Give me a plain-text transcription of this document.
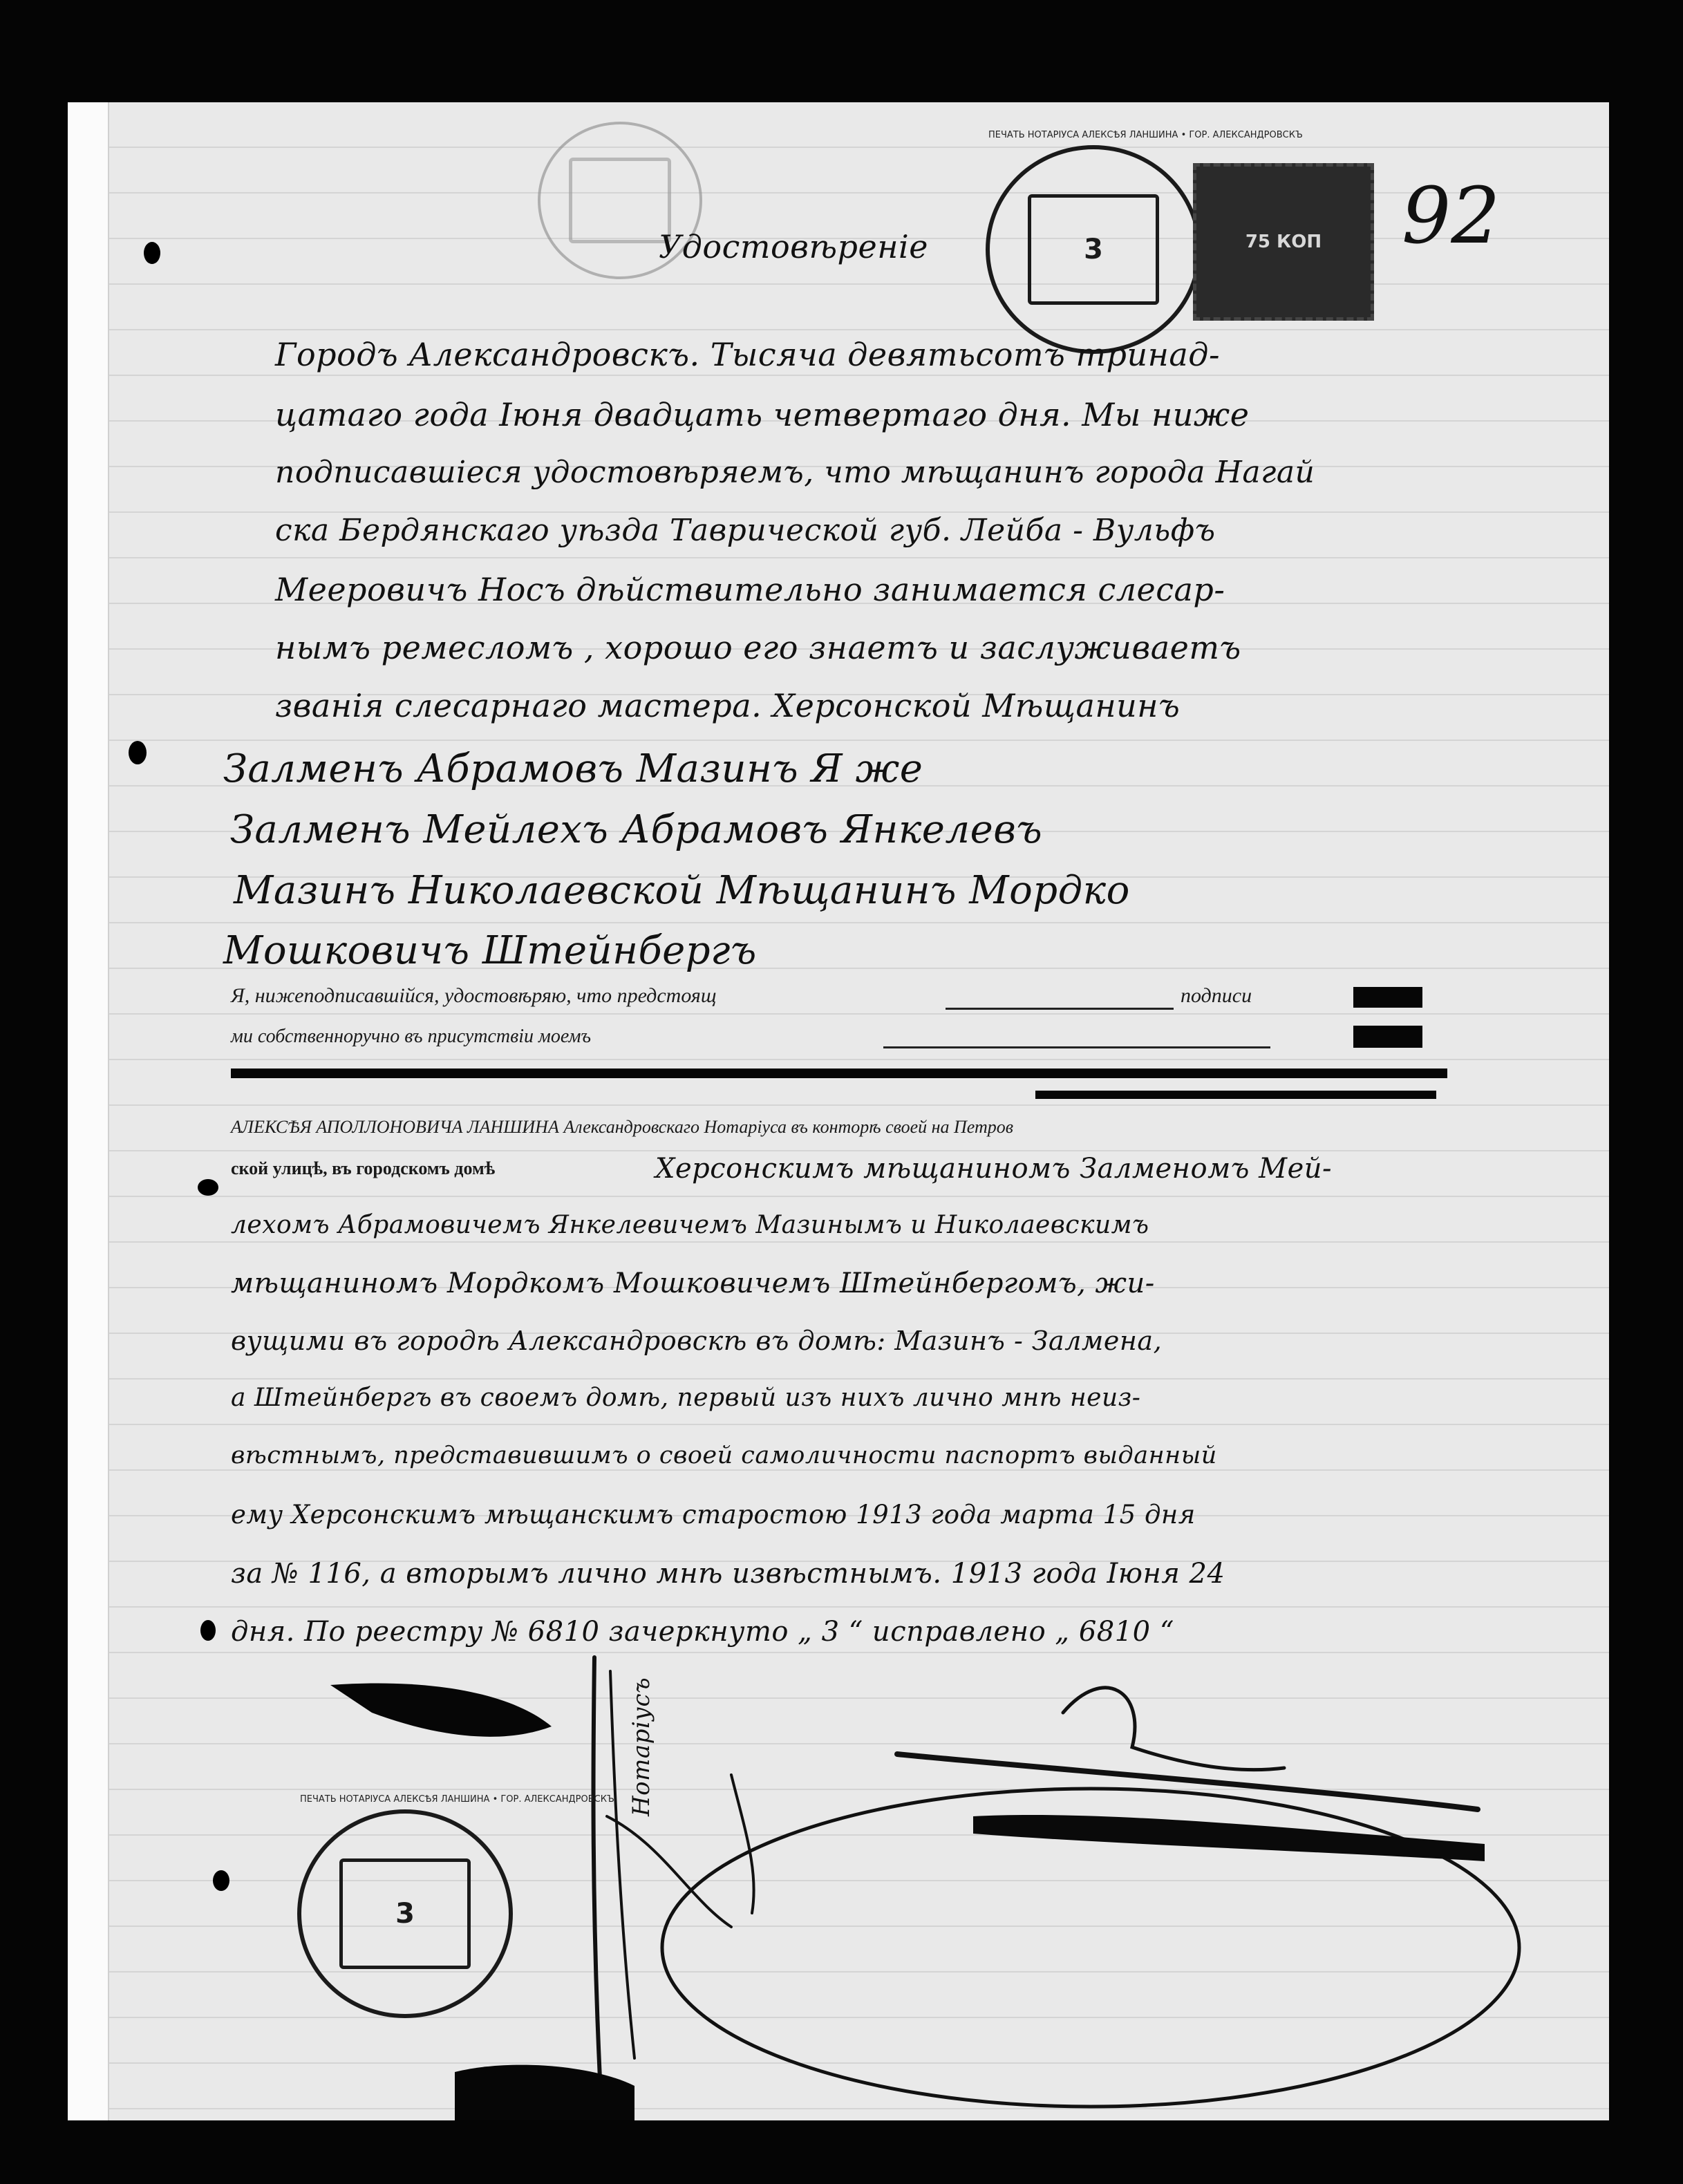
3
ПЕЧАТЬ НОТАРІУСА АЛЕКСѢЯ ЛАНШИНА • ГОР. АЛЕКСАНДРОВСКЪ
75 КОП 92
Удостовѣреніе
Городъ Александровскъ. Тысяча девятьсотъ тринад-
цатаго года Іюня двадцать четвертаго дня. Мы нижe
подписавшіеся удостовѣряемъ, что мѣщанинъ города Нагай
ска Бердянскаго уѣзда Таврической губ. Лейба - Вульфъ
Меерoвичъ Носъ дѣйствительно занимается слесар-
нымъ ремесломъ , хорошо его знаетъ и заслуживаетъ
званія слесарнаго мастера. Херсонской Мѣщанинъ
Залменъ Абрамовъ Мазинъ Я же
Залменъ Мейлехъ Абрамовъ Янкелевъ
Мазинъ Николаевской Мѣщанинъ Мордко
Мошковичъ Штейнбергъ
Я, нижеподписавшійся, удостовѣряю, что предстоящ	подписи
ми собственноручно въ присутствіи моемъ
АЛЕКСѢЯ АПОЛЛОНОВИЧА ЛАНШИНА Александровскаго Нотаріуса въ конторѣ своей на Петров
ской улицѣ, въ городскомъ домѣ	Херсонскимъ мѣщаниномъ Залменомъ Мей-
лехомъ Абрамовичемъ Янкелевичемъ Мазинымъ и Николаевскимъ
мѣщаниномъ Мордкомъ Мошковичемъ Штейнбергомъ, жи-
вущими въ городѣ Александровскѣ въ домѣ: Мазинъ - Залмена,
а Штейнбергъ въ своемъ домѣ, первый изъ нихъ лично мнѣ неиз-
вѣстнымъ, представившимъ о своей самоличности паспортъ выданный
ему Херсонскимъ мѣщанскимъ старостою 1913 года марта 15 дня
за № 116, а вторымъ лично мнѣ извѣстнымъ. 1913 года Іюня 24
дня. По реестру № 6810 зачеркнуто „ 3 “ исправлено „ 6810 “
Нотаріусъ
3
ПЕЧАТЬ НОТАРІУСА АЛЕКСѢЯ ЛАНШИНА • ГОР. АЛЕКСАНДРОВСКЪ
